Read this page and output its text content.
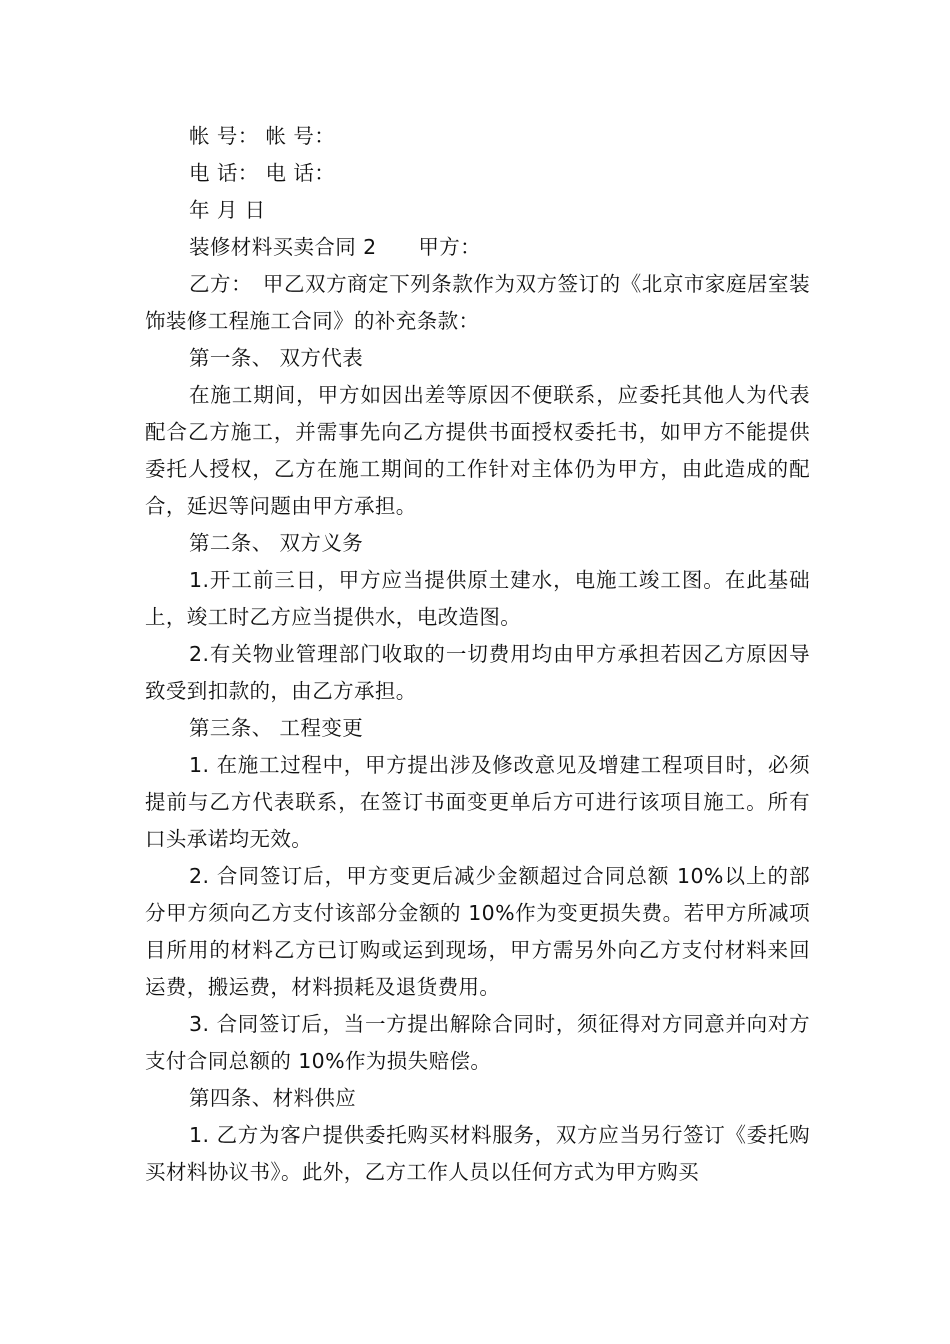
帐 号： 帐 号：

电 话： 电 话：

年 月 日

装修材料买卖合同 2　　甲方：

乙方：　甲乙双方商定下列条款作为双方签订的《北京市家庭居室装饰装修工程施工合同》的补充条款：

第一条、 双方代表

在施工期间，甲方如因出差等原因不便联系，应委托其他人为代表配合乙方施工，并需事先向乙方提供书面授权委托书，如甲方不能提供委托人授权，乙方在施工期间的工作针对主体仍为甲方，由此造成的配合，延迟等问题由甲方承担。

第二条、 双方义务

1.开工前三日，甲方应当提供原土建水，电施工竣工图。在此基础上，竣工时乙方应当提供水，电改造图。

2.有关物业管理部门收取的一切费用均由甲方承担若因乙方原因导致受到扣款的，由乙方承担。

第三条、 工程变更

1. 在施工过程中，甲方提出涉及修改意见及增建工程项目时，必须提前与乙方代表联系，在签订书面变更单后方可进行该项目施工。所有口头承诺均无效。

2. 合同签订后，甲方变更后减少金额超过合同总额 10%以上的部分甲方须向乙方支付该部分金额的 10%作为变更损失费。若甲方所减项目所用的材料乙方已订购或运到现场，甲方需另外向乙方支付材料来回运费，搬运费，材料损耗及退货费用。

3. 合同签订后，当一方提出解除合同时，须征得对方同意并向对方支付合同总额的 10%作为损失赔偿。

第四条、材料供应

1. 乙方为客户提供委托购买材料服务，双方应当另行签订《委托购买材料协议书》。此外，乙方工作人员以任何方式为甲方购买
